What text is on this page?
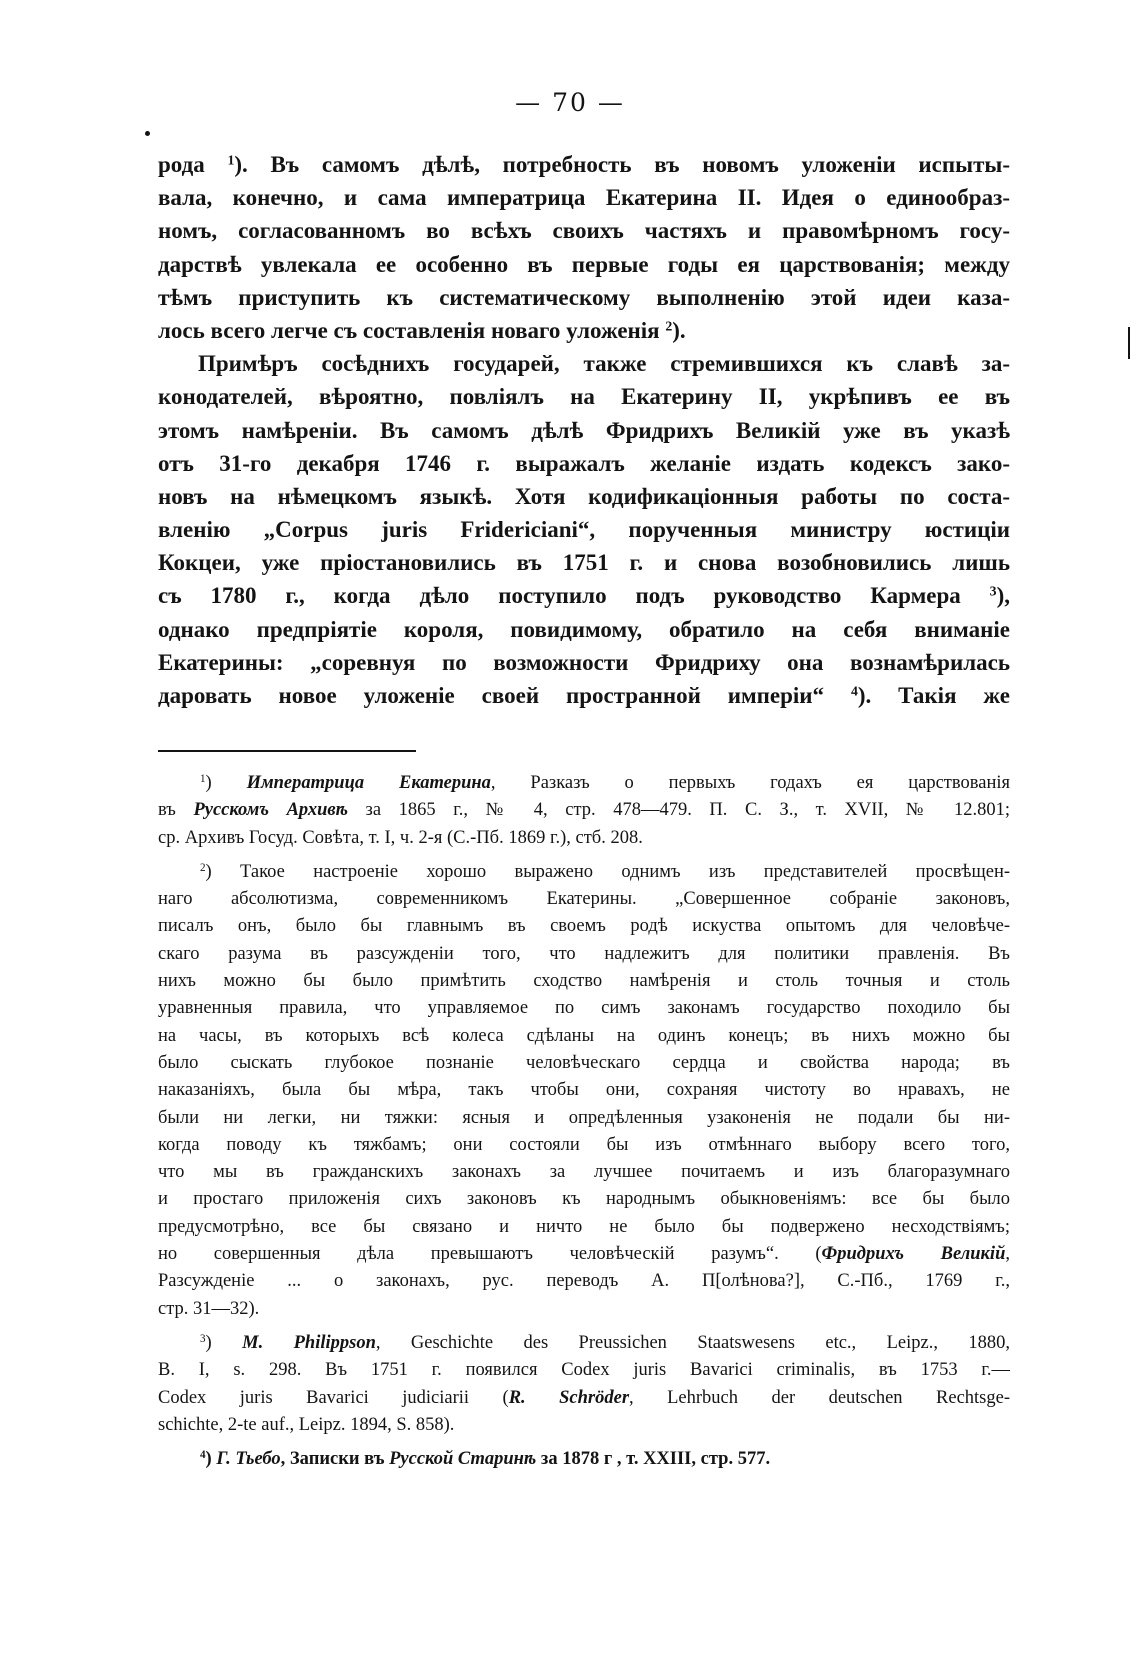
— 70 —
рода $^1$). Въ самомъ дѣлѣ, потребность въ новомъ уложеніи испыты-
вала, конечно, и сама императрица Екатерина II. Идея о единообраз-
номъ, согласованномъ во всѣхъ своихъ частяхъ и правомѣрномъ госу-
дарствѣ увлекала ее особенно въ первые годы ея царствованія; между
тѣмъ приступить къ систематическому выполненію этой идеи каза-
лось всего легче съ составленія новаго уложенія $^2$).
Примѣръ сосѣднихъ государей, также стремившихся къ славѣ за-
конодателей, вѣроятно, повліялъ на Екатерину II, укрѣпивъ ее въ
этомъ намѣреніи. Въ самомъ дѣлѣ Фридрихъ Великій уже въ указѣ
отъ 31-го декабря 1746 г. выражалъ желаніе издать кодексъ зако-
новъ на нѣмецкомъ языкѣ. Хотя кодификаціонныя работы по соста-
вленію „Corpus juris Fridericiani“, порученныя министру юстиціи
Кокцеи, уже пріостановились въ 1751 г. и снова возобновились лишь
съ 1780 г., когда дѣло поступило подъ руководство Кармера $^3$),
однако предпріятіе короля, повидимому, обратило на себя вниманіе
Екатерины: „соревнуя по возможности Фридриху она вознамѣрилась
даровать новое уложеніе своей пространной имперіи“ $^4$). Такія же
$^1$) Императрица Екатерина, Разказъ о первыхъ годахъ ея царствованія
въ Русскомъ Архивѣ за 1865 г., № 4, стр. 478—479. П. С. З., т. XVII, № 12.801;
ср. Архивъ Госуд. Совѣта, т. I, ч. 2-я (С.-Пб. 1869 г.), стб. 208.
$^2$) Такое настроеніе хорошо выражено однимъ изъ представителей просвѣщен-
наго абсолютизма, современникомъ Екатерины. „Совершенное собраніе законовъ,
писалъ онъ, было бы главнымъ въ своемъ родѣ искуства опытомъ для человѣче-
скаго разума въ разсужденіи того, что надлежитъ для политики правленія. Въ
нихъ можно бы было примѣтить сходство намѣренія и столь точныя и столь
уравненныя правила, что управляемое по симъ законамъ государство походило бы
на часы, въ которыхъ всѣ колеса сдѣланы на одинъ конецъ; въ нихъ можно бы
было сыскать глубокое познаніе человѣческаго сердца и свойства народа; въ
наказаніяхъ, была бы мѣра, такъ чтобы они, сохраняя чистоту во нравахъ, не
были ни легки, ни тяжки: ясныя и опредѣленныя узаконенія не подали бы ни-
когда поводу къ тяжбамъ; они состояли бы изъ отмѣннаго выбору всего того,
что мы въ гражданскихъ законахъ за лучшее почитаемъ и изъ благоразумнаго
и простаго приложенія сихъ законовъ къ народнымъ обыкновеніямъ: все бы было
предусмотрѣно, все бы связано и ничто не было бы подвержено несходствіямъ;
но совершенныя дѣла превышаютъ человѣческій разумъ“. (Фридрихъ Великій,
Разсужденіе ... о законахъ, рус. переводъ А. П[олѣнова?], С.-Пб., 1769 г.,
стр. 31—32).
$^3$) M. Philippson, Geschichte des Preussichen Staatswesens etc., Leipz., 1880,
B. I, s. 298. Въ 1751 г. появился Codex juris Bavarici criminalis, въ 1753 г.—
Codex juris Bavarici judiciarii (R. Schröder, Lehrbuch der deutschen Rechtsge-
schichte, 2-te auf., Leipz. 1894, S. 858).
$^4$) Г. Тьебо, Записки въ Русской Старинѣ за 1878 г , т. XXIII, стр. 577.
